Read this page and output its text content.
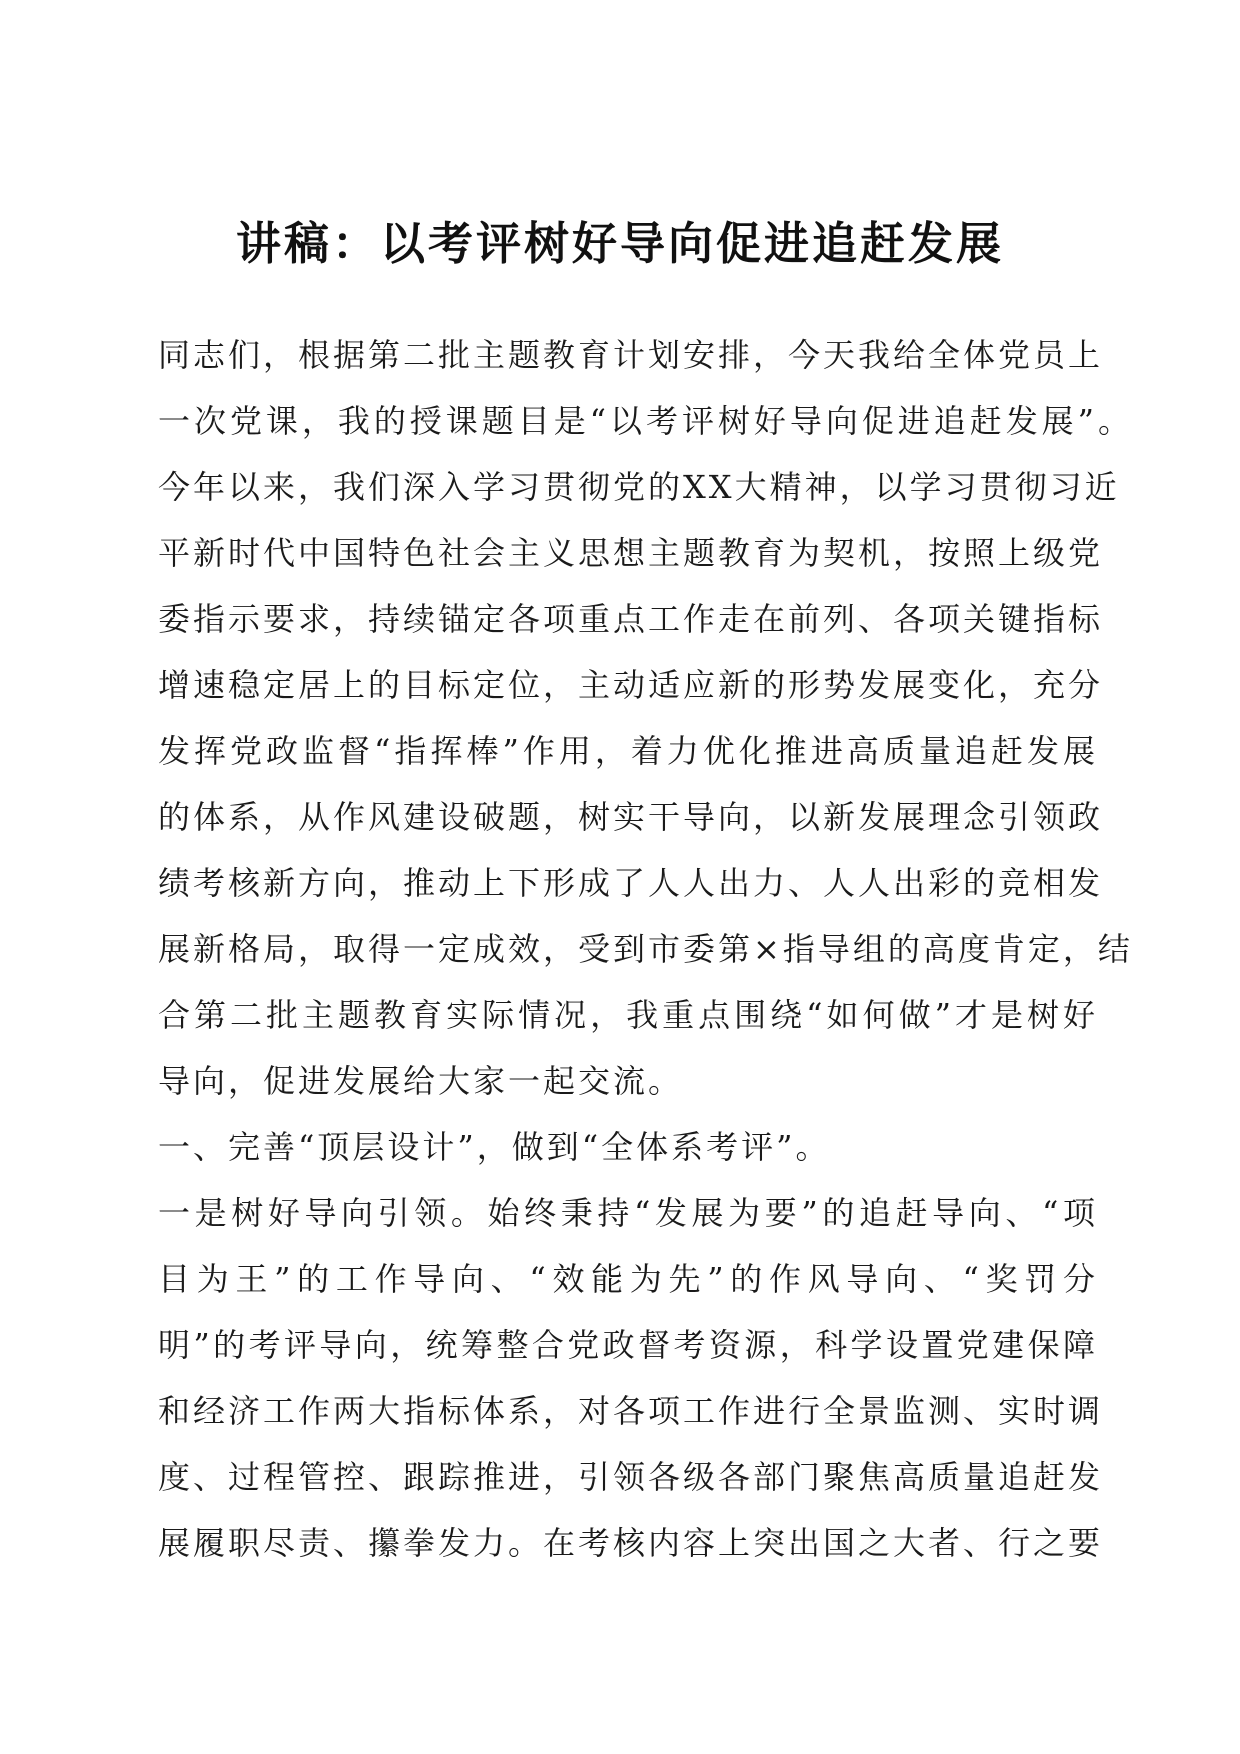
讲稿：以考评树好导向促进追赶发展
同志们，根据第二批主题教育计划安排，今天我给全体党员上
一次党课，我的授课题目是“以考评树好导向促进追赶发展”。
今年以来，我们深入学习贯彻党的XX大精神，以学习贯彻习近
平新时代中国特色社会主义思想主题教育为契机，按照上级党
委指示要求，持续锚定各项重点工作走在前列、各项关键指标
增速稳定居上的目标定位，主动适应新的形势发展变化，充分
发挥党政监督“指挥棒”作用，着力优化推进高质量追赶发展
的体系，从作风建设破题，树实干导向，以新发展理念引领政
绩考核新方向，推动上下形成了人人出力、人人出彩的竞相发
展新格局，取得一定成效，受到市委第×指导组的高度肯定，结
合第二批主题教育实际情况，我重点围绕“如何做”才是树好
导向，促进发展给大家一起交流。
一、完善“顶层设计”，做到“全体系考评”。
一是树好导向引领。始终秉持“发展为要”的追赶导向、“项
目为王”的工作导向、“效能为先”的作风导向、“奖罚分
明”的考评导向，统筹整合党政督考资源，科学设置党建保障
和经济工作两大指标体系，对各项工作进行全景监测、实时调
度、过程管控、跟踪推进，引领各级各部门聚焦高质量追赶发
展履职尽责、攥拳发力。在考核内容上突出国之大者、行之要
